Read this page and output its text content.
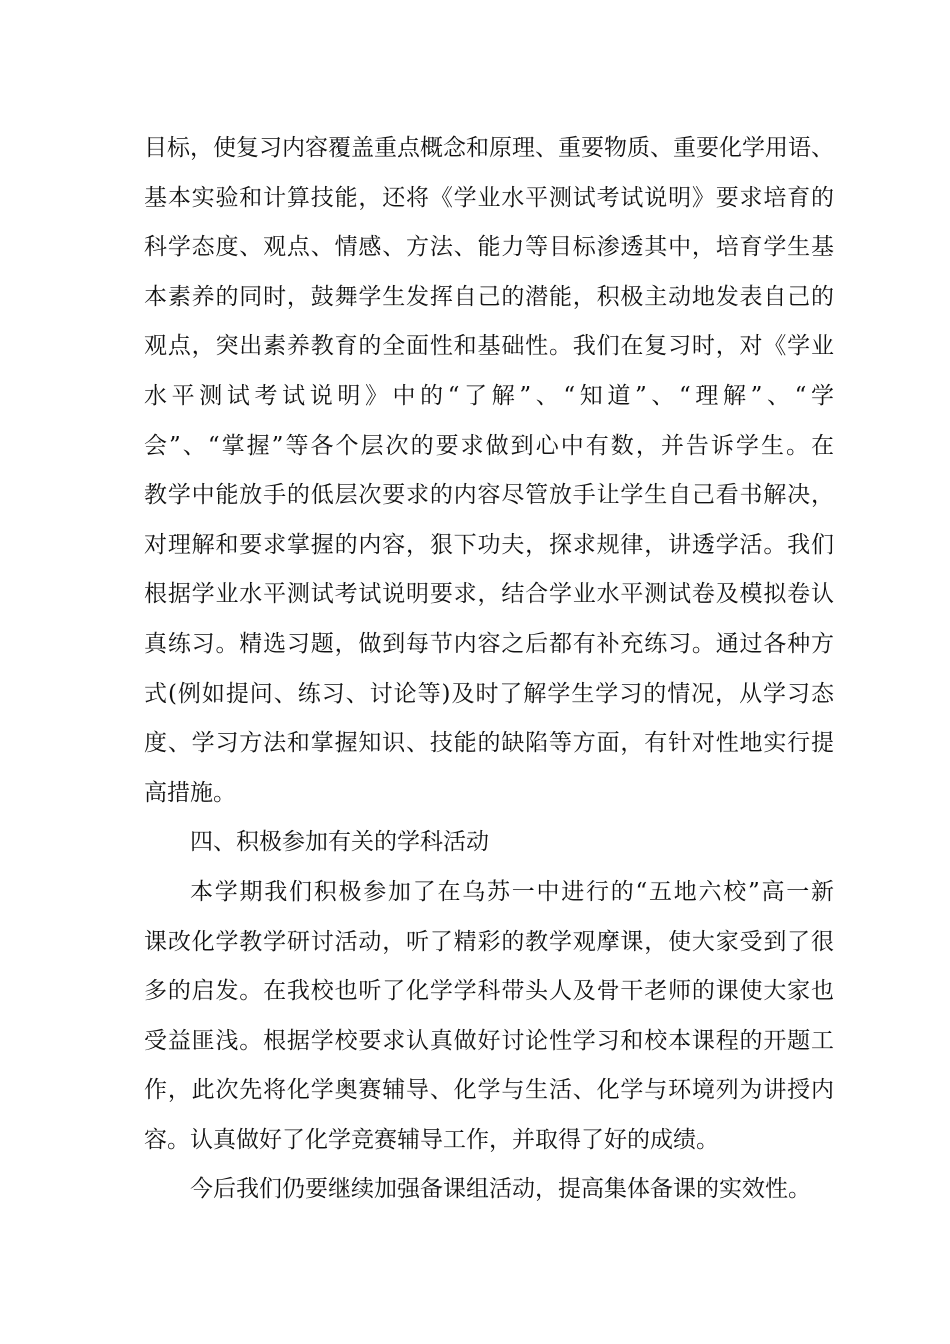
目标，使复习内容覆盖重点概念和原理、重要物质、重要化学用语、
基本实验和计算技能，还将《学业水平测试考试说明》要求培育的
科学态度、观点、情感、方法、能力等目标渗透其中，培育学生基
本素养的同时，鼓舞学生发挥自己的潜能，积极主动地发表自己的
观点，突出素养教育的全面性和基础性。我们在复习时，对《学业
水平测试考试说明》中的“了解”、“知道”、“理解”、“学
会”、“掌握”等各个层次的要求做到心中有数，并告诉学生。在
教学中能放手的低层次要求的内容尽管放手让学生自己看书解决，
对理解和要求掌握的内容，狠下功夫，探求规律，讲透学活。我们
根据学业水平测试考试说明要求，结合学业水平测试卷及模拟卷认
真练习。精选习题，做到每节内容之后都有补充练习。通过各种方
式(例如提问、练习、讨论等)及时了解学生学习的情况，从学习态
度、学习方法和掌握知识、技能的缺陷等方面，有针对性地实行提
高措施。
四、积极参加有关的学科活动
本学期我们积极参加了在乌苏一中进行的“五地六校”高一新
课改化学教学研讨活动，听了精彩的教学观摩课，使大家受到了很
多的启发。在我校也听了化学学科带头人及骨干老师的课使大家也
受益匪浅。根据学校要求认真做好讨论性学习和校本课程的开题工
作，此次先将化学奥赛辅导、化学与生活、化学与环境列为讲授内
容。认真做好了化学竞赛辅导工作，并取得了好的成绩。
今后我们仍要继续加强备课组活动，提高集体备课的实效性。
